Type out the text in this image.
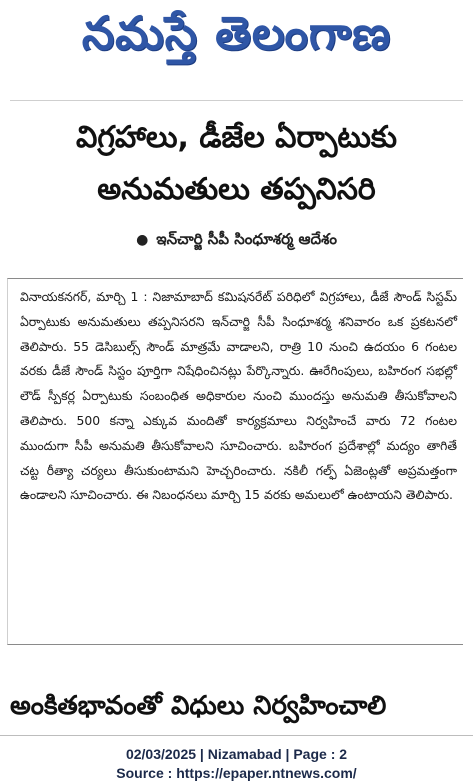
నమస్తే తెలంగాణ
విగ్రహాలు, డీజేల ఏర్పాటుకు
అనుమతులు తప్పనిసరి
● ఇన్‌చార్జి సీపీ సింధూశర్మ ఆదేశం

వినాయకనగర్, మార్చి 1 : నిజామాబాద్ కమిషనరేట్ పరిధిలో విగ్రహాలు, డీజే సౌండ్ సిస్టమ్ ఏర్పాటుకు అనుమతులు తప్పనిసరని ఇన్‌చార్జి సీపీ సింధూశర్మ శనివారం ఒక ప్రకటనలో తెలిపారు. 55 డెసిబుల్స్ సౌండ్ మాత్రమే వాడాలని, రాత్రి 10 నుంచి ఉదయం 6 గంటల వరకు డీజే సౌండ్ సిస్టం పూర్తిగా నిషేధించినట్లు పేర్కొన్నారు. ఊరేగింపులు, బహిరంగ సభల్లో లౌడ్ స్పీకర్ల ఏర్పాటుకు సంబంధిత అధికారుల నుంచి ముందస్తు అనుమతి తీసుకోవాలని తెలిపారు. 500 కన్నా ఎక్కువ మందితో కార్యక్రమాలు నిర్వహించే వారు 72 గంటల ముందుగా సీపీ అనుమతి తీసుకోవాలని సూచించారు. బహిరంగ ప్రదేశాల్లో మద్యం తాగితే చట్ట రీత్యా చర్యలు తీసుకుంటామని హెచ్చరించారు. నకిలీ గల్ఫ్ ఏజెంట్లతో అప్రమత్తంగా ఉండాలని సూచించారు. ఈ నిబంధనలు మార్చి 15 వరకు అమలులో ఉంటాయని తెలిపారు.

అంకితభావంతో విధులు నిర్వహించాలి
02/03/2025 | Nizamabad | Page : 2
Source : https://epaper.ntnews.com/
